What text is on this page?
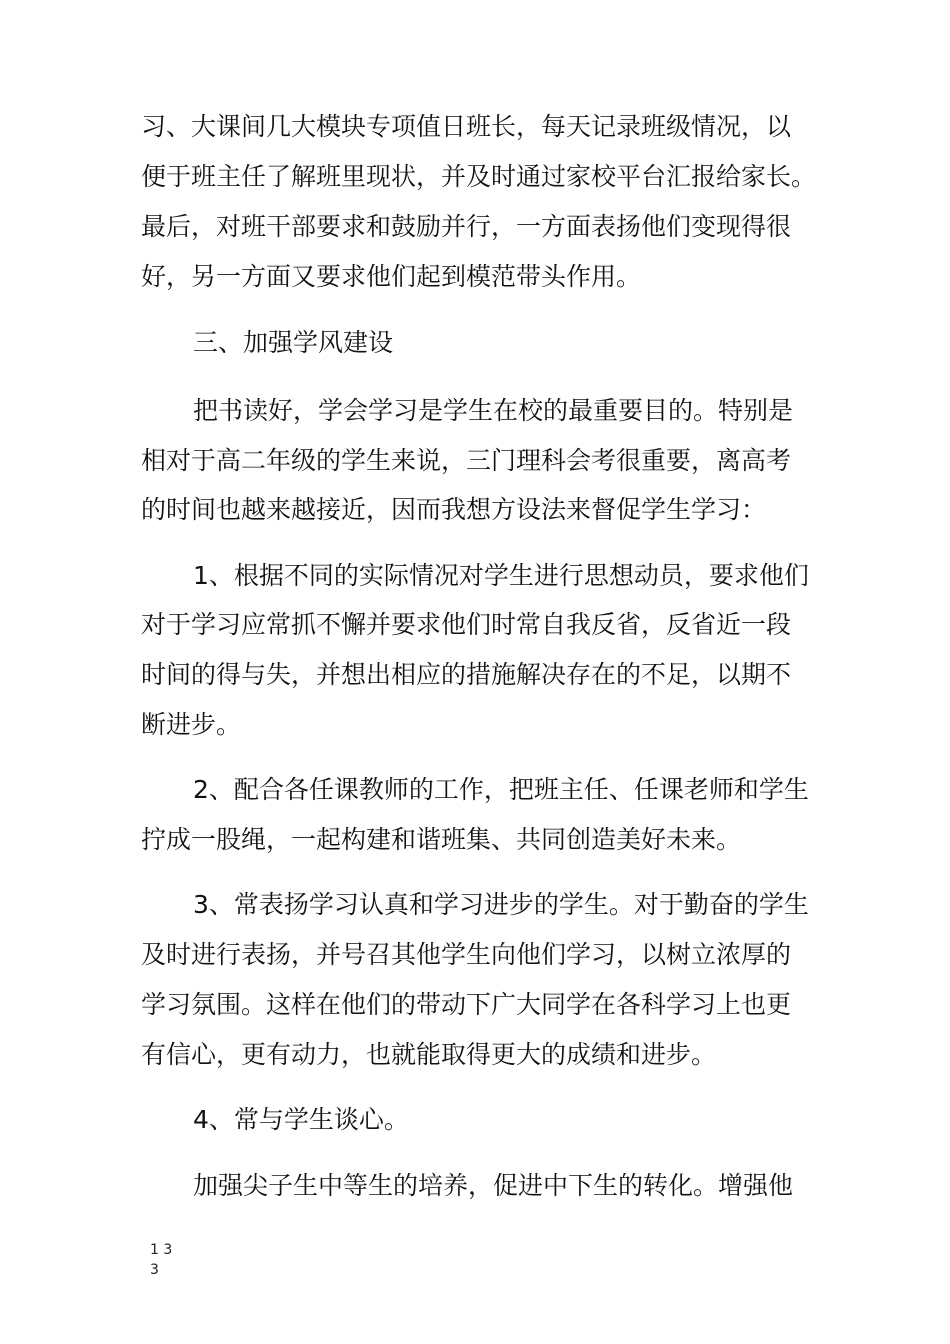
习、大课间几大模块专项值日班长，每天记录班级情况，以
便于班主任了解班里现状，并及时通过家校平台汇报给家长。
最后，对班干部要求和鼓励并行，一方面表扬他们变现得很
好，另一方面又要求他们起到模范带头作用。
三、加强学风建设
把书读好，学会学习是学生在校的最重要目的。特别是
相对于高二年级的学生来说，三门理科会考很重要，离高考
的时间也越来越接近，因而我想方设法来督促学生学习：
1、根据不同的实际情况对学生进行思想动员，要求他们
对于学习应常抓不懈并要求他们时常自我反省，反省近一段
时间的得与失，并想出相应的措施解决存在的不足，以期不
断进步。
2、配合各任课教师的工作，把班主任、任课老师和学生
拧成一股绳，一起构建和谐班集、共同创造美好未来。
3、常表扬学习认真和学习进步的学生。对于勤奋的学生
及时进行表扬，并号召其他学生向他们学习，以树立浓厚的
学习氛围。这样在他们的带动下广大同学在各科学习上也更
有信心，更有动力，也就能取得更大的成绩和进步。
4、常与学生谈心。
加强尖子生中等生的培养，促进中下生的转化。增强他
1 3
3
